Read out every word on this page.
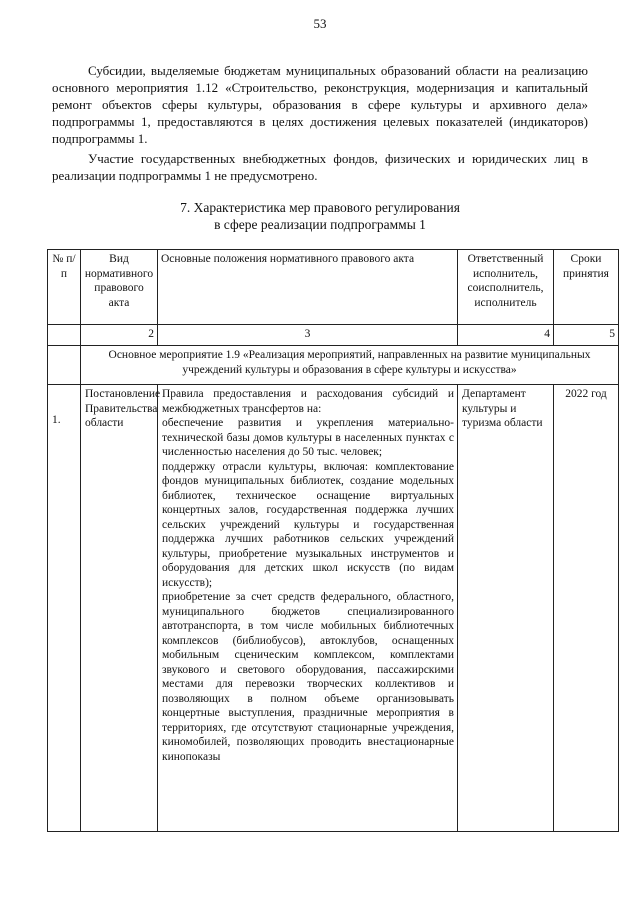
53

Субсидии, выделяемые бюджетам муниципальных образований области на реализацию основного мероприятия 1.12 «Строительство, реконструкция, модернизация и капитальный ремонт объектов сферы культуры, образования в сфере культуры и архивного дела» подпрограммы 1, предоставляются в целях достижения целевых показателей (индикаторов) подпрограммы 1.

Участие государственных внебюджетных фондов, физических и юридических лиц в реализации подпрограммы 1 не предусмотрено.

7. Характеристика мер правового регулирования
в сфере реализации подпрограммы 1
№ п/п	Вид нормативного правового акта	Основные положения нормативного правового акта	Ответственный исполнитель, соисполнитель, исполнитель	Сроки принятия
	2	3	4	5
	Основное мероприятие 1.9 «Реализация мероприятий, направленных на развитие муниципальных учреждений культуры и образования в сфере культуры и искусства»			
1.	Постановление Правительства области	Правила предоставления и расходования субсидий и межбюджетных трансфертов на:
обеспечение развития и укрепления материально-технической базы домов культуры в населенных пунктах с численностью населения до 50 тыс. человек;
поддержку отрасли культуры, включая: комплектование фондов муниципальных библиотек, создание модельных библиотек, техническое оснащение виртуальных концертных залов, государственная поддержка лучших сельских учреждений культуры и государственная поддержка лучших работников сельских учреждений культуры, приобретение музыкальных инструментов и оборудования для детских школ искусств (по видам искусств);
приобретение за счет средств федерального, областного, муниципального бюджетов специализированного автотранспорта, в том числе мобильных библиотечных комплексов (библиобусов), автоклубов, оснащенных мобильным сценическим комплексом, комплектами звукового и светового оборудования, пассажирскими местами для перевозки творческих коллективов и позволяющих в полном объеме организовывать концертные выступления, праздничные мероприятия в территориях, где отсутствуют стационарные учреждения, киномобилей, позволяющих проводить внестационарные кинопоказы	Департамент культуры и туризма области	2022 год
